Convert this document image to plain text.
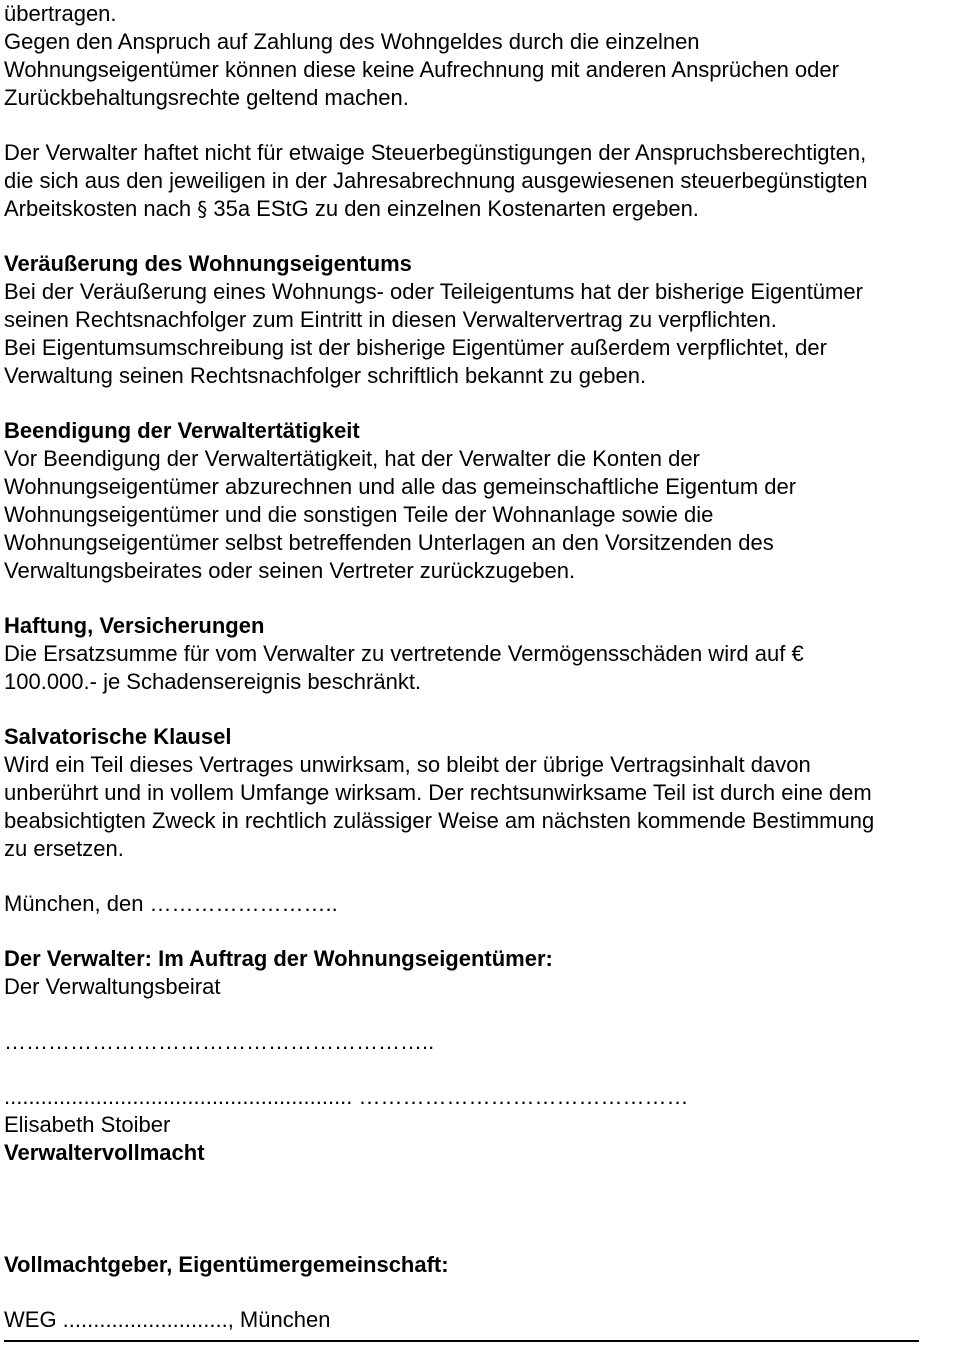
übertragen.
Gegen den Anspruch auf Zahlung des Wohngeldes durch die einzelnen
Wohnungseigentümer können diese keine Aufrechnung mit anderen Ansprüchen oder
Zurückbehaltungsrechte geltend machen.
Der Verwalter haftet nicht für etwaige Steuerbegünstigungen der Anspruchsberechtigten,
die sich aus den jeweiligen in der Jahresabrechnung ausgewiesenen steuerbegünstigten
Arbeitskosten nach § 35a EStG zu den einzelnen Kostenarten ergeben.
Veräußerung des Wohnungseigentums
Bei der Veräußerung eines Wohnungs- oder Teileigentums hat der bisherige Eigentümer
seinen Rechtsnachfolger zum Eintritt in diesen Verwaltervertrag zu verpflichten.
Bei Eigentumsumschreibung ist der bisherige Eigentümer außerdem verpflichtet, der
Verwaltung seinen Rechtsnachfolger schriftlich bekannt zu geben.
Beendigung der Verwaltertätigkeit
Vor Beendigung der Verwaltertätigkeit, hat der Verwalter die Konten der
Wohnungseigentümer abzurechnen und alle das gemeinschaftliche Eigentum der
Wohnungseigentümer und die sonstigen Teile der Wohnanlage sowie die
Wohnungseigentümer selbst betreffenden Unterlagen an den Vorsitzenden des
Verwaltungsbeirates oder seinen Vertreter zurückzugeben.
Haftung, Versicherungen
Die Ersatzsumme für vom Verwalter zu vertretende Vermögensschäden wird auf €
100.000.- je Schadensereignis beschränkt.
Salvatorische Klausel
Wird ein Teil dieses Vertrages unwirksam, so bleibt der übrige Vertragsinhalt davon
unberührt und in vollem Umfange wirksam. Der rechtsunwirksame Teil ist durch eine dem
beabsichtigten Zweck in rechtlich zulässiger Weise am nächsten kommende Bestimmung
zu ersetzen.
München, den ……………………..
Der Verwalter: Im Auftrag der Wohnungseigentümer:
Der Verwaltungsbeirat
…………………………………………………..
......................................................... ………………………………………
Elisabeth Stoiber
Verwaltervollmacht
Vollmachtgeber, Eigentümergemeinschaft:
WEG ..........................., München
